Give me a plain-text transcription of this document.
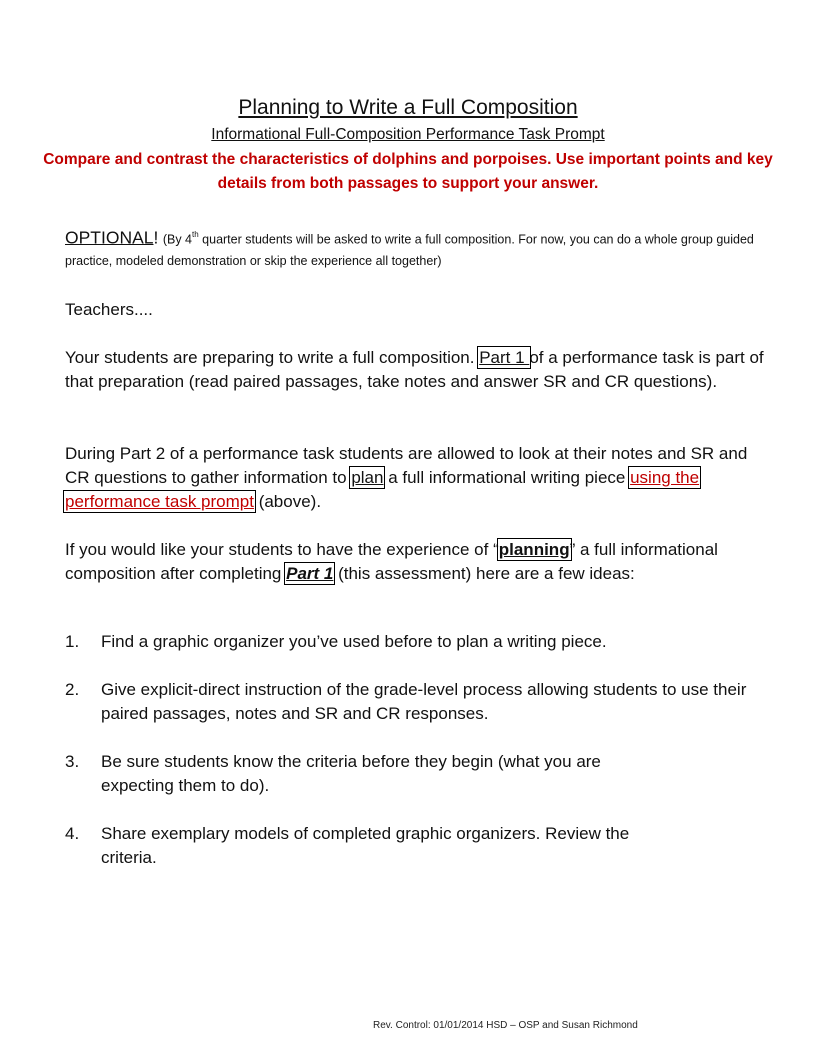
Planning to Write a Full Composition
Informational Full-Composition Performance Task Prompt
Compare and contrast the characteristics of dolphins and porpoises. Use important points and key details from both passages to support your answer.
OPTIONAL! (By 4th quarter students will be asked to write a full composition. For now, you can do a whole group guided practice, modeled demonstration or skip the experience all together)
Teachers....
Your students are preparing to write a full composition. Part 1 of a performance task is part of that preparation (read paired passages, take notes and answer SR and CR questions).
During Part 2 of a performance task students are allowed to look at their notes and SR and CR questions to gather information to plan a full informational writing piece using the performance task prompt (above).
If you would like your students to have the experience of “planning” a full informational composition after completing Part 1 (this assessment) here are a few ideas:
1. Find a graphic organizer you’ve used before to plan a writing piece.
2. Give explicit-direct instruction of the grade-level process allowing students to use their paired passages, notes and SR and CR responses.
3. Be sure students know the criteria before they begin (what you are expecting them to do).
4. Share exemplary models of completed graphic organizers. Review the criteria.
Rev. Control: 01/01/2014 HSD – OSP and Susan Richmond
